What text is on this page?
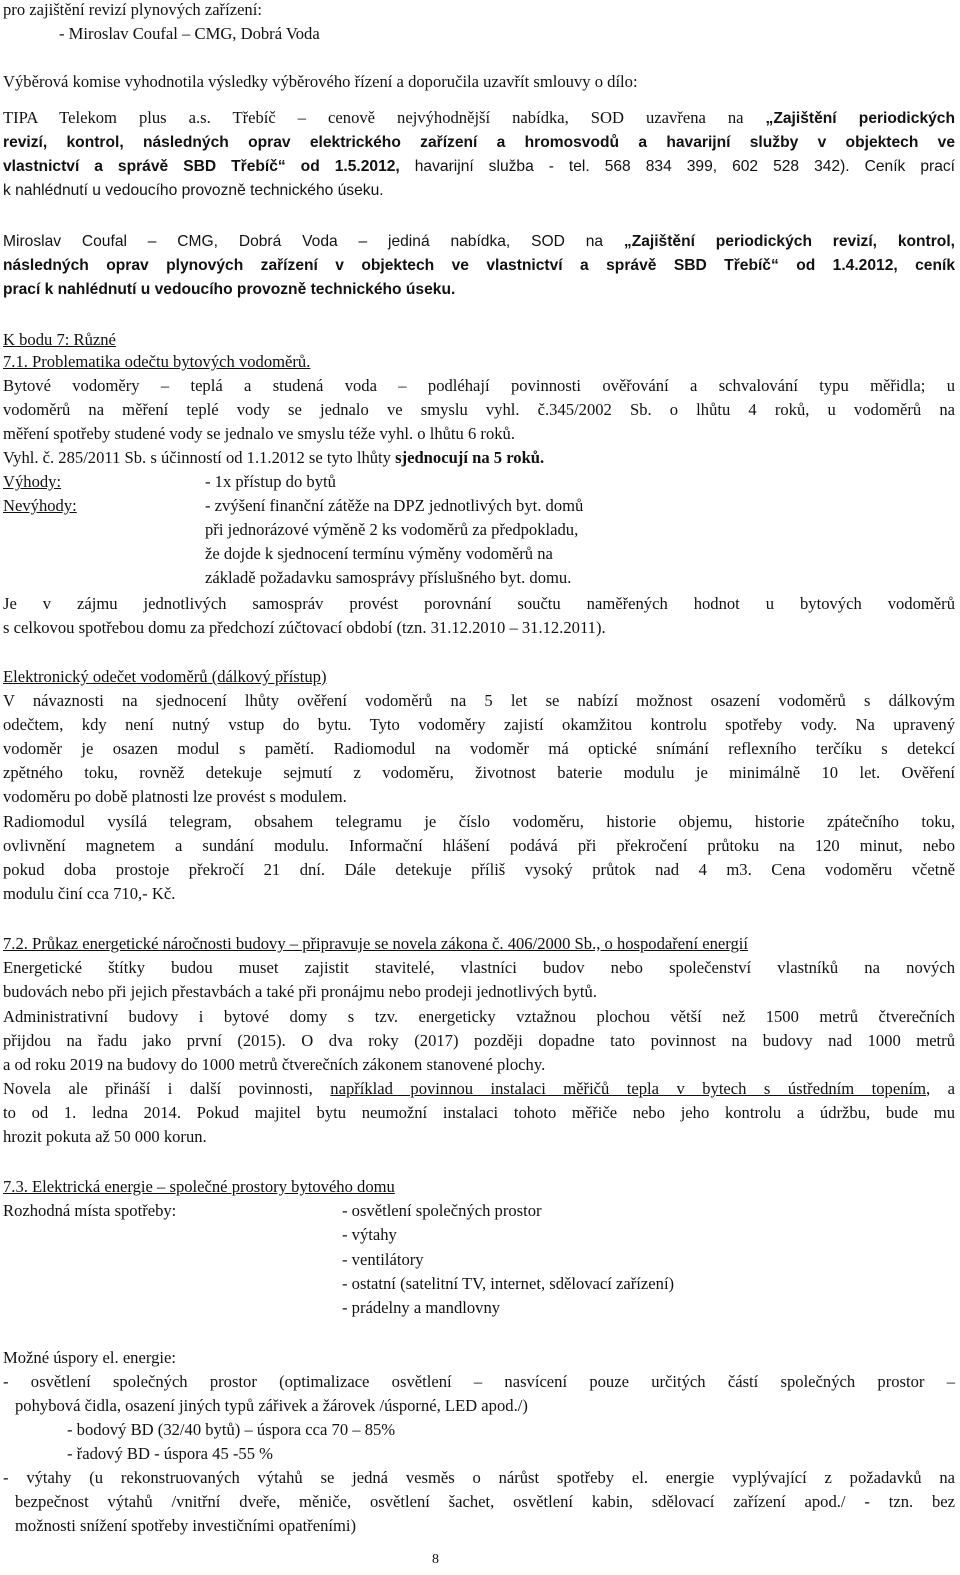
pro zajištění revizí plynových zařízení:
- Miroslav Coufal – CMG, Dobrá Voda
Výběrová komise vyhodnotila výsledky výběrového řízení a doporučila uzavřít smlouvy o dílo:
TIPA Telekom plus a.s. Třebíč – cenově nejvýhodnější nabídka, SOD uzavřena na „Zajištění periodických
revizí, kontrol, následných oprav elektrického zařízení a hromosvodů a havarijní služby v objektech ve
vlastnictví a správě SBD Třebíč“ od 1.5.2012, havarijní služba - tel. 568 834 399, 602 528 342). Ceník prací
k nahlédnutí u vedoucího provozně technického úseku.
Miroslav Coufal – CMG, Dobrá Voda – jediná nabídka, SOD na „Zajištění periodických revizí, kontrol,
následných oprav plynových zařízení v objektech ve vlastnictví a správě SBD Třebíč“ od 1.4.2012, ceník
prací k nahlédnutí u vedoucího provozně technického úseku.
K bodu 7: Různé
7.1. Problematika odečtu bytových vodoměrů.
Bytové vodoměry – teplá a studená voda – podléhají povinnosti ověřování a schvalování typu měřidla; u
vodoměrů na měření teplé vody se jednalo ve smyslu vyhl. č.345/2002 Sb. o lhůtu 4 roků, u vodoměrů na
měření spotřeby studené vody se jednalo ve smyslu téže vyhl. o lhůtu 6 roků.
Vyhl. č. 285/2011 Sb. s účinností od 1.1.2012 se tyto lhůty sjednocují na 5 roků.
Výhody:	- 1x přístup do bytů
Nevýhody:	- zvýšení finanční zátěže na DPZ jednotlivých byt. domů
při jednorázové výměně 2 ks vodoměrů za předpokladu,
že dojde k sjednocení termínu výměny vodoměrů na
základě požadavku samosprávy příslušného byt. domu.
Je v zájmu jednotlivých samospráv provést porovnání součtu naměřených hodnot u bytových vodoměrů
s celkovou spotřebou domu za předchozí zúčtovací období (tzn. 31.12.2010 – 31.12.2011).
Elektronický odečet vodoměrů (dálkový přístup)
V návaznosti na sjednocení lhůty ověření vodoměrů na 5 let se nabízí možnost osazení vodoměrů s dálkovým
odečtem, kdy není nutný vstup do bytu. Tyto vodoměry zajistí okamžitou kontrolu spotřeby vody. Na upravený
vodoměr je osazen modul s pamětí. Radiomodul na vodoměr má optické snímání reflexního terčíku s detekcí
zpětného toku, rovněž detekuje sejmutí z vodoměru, životnost baterie modulu je minimálně 10 let. Ověření
vodoměru po době platnosti lze provést s modulem.
Radiomodul vysílá telegram, obsahem telegramu je číslo vodoměru, historie objemu, historie zpátečního toku,
ovlivnění magnetem a sundání modulu. Informační hlášení podává při překročení průtoku na 120 minut, nebo
pokud doba prostoje překročí 21 dní. Dále detekuje příliš vysoký průtok nad 4 m3. Cena vodoměru včetně
modulu činí cca 710,- Kč.
7.2. Průkaz energetické náročnosti budovy – připravuje se novela zákona č. 406/2000 Sb., o hospodaření energií
Energetické štítky budou muset zajistit stavitelé, vlastníci budov nebo společenství vlastníků na nových
budovách nebo při jejich přestavbách a také při pronájmu nebo prodeji jednotlivých bytů.
Administrativní budovy i bytové domy s tzv. energeticky vztažnou plochou větší než 1500 metrů čtverečních
přijdou na řadu jako první (2015). O dva roky (2017) později dopadne tato povinnost na budovy nad 1000 metrů
a od roku 2019 na budovy do 1000 metrů čtverečních zákonem stanovené plochy.
Novela ale přináší i další povinnosti, například povinnou instalaci měřičů tepla v bytech s ústředním topením, a
to od 1. ledna 2014. Pokud majitel bytu neumožní instalaci tohoto měřiče nebo jeho kontrolu a údržbu, bude mu
hrozit pokuta až 50 000 korun.
7.3. Elektrická energie – společné prostory bytového domu
Rozhodná místa spotřeby:	- osvětlení společných prostor
- výtahy
- ventilátory
- ostatní (satelitní TV, internet, sdělovací zařízení)
- prádelny a mandlovny
Možné úspory el. energie:
- osvětlení společných prostor (optimalizace osvětlení – nasvícení pouze určitých částí společných prostor –
pohybová čidla, osazení jiných typů zářivek a žárovek /úsporné, LED apod./)
- bodový BD (32/40 bytů) – úspora cca 70 – 85%
- řadový BD - úspora 45 -55 %
- výtahy (u rekonstruovaných výtahů se jedná vesměs o nárůst spotřeby el. energie vyplývající z požadavků na
bezpečnost výtahů /vnitřní dveře, měniče, osvětlení šachet, osvětlení kabin, sdělovací zařízení apod./ - tzn. bez
možnosti snížení spotřeby investičními opatřeními)
8
